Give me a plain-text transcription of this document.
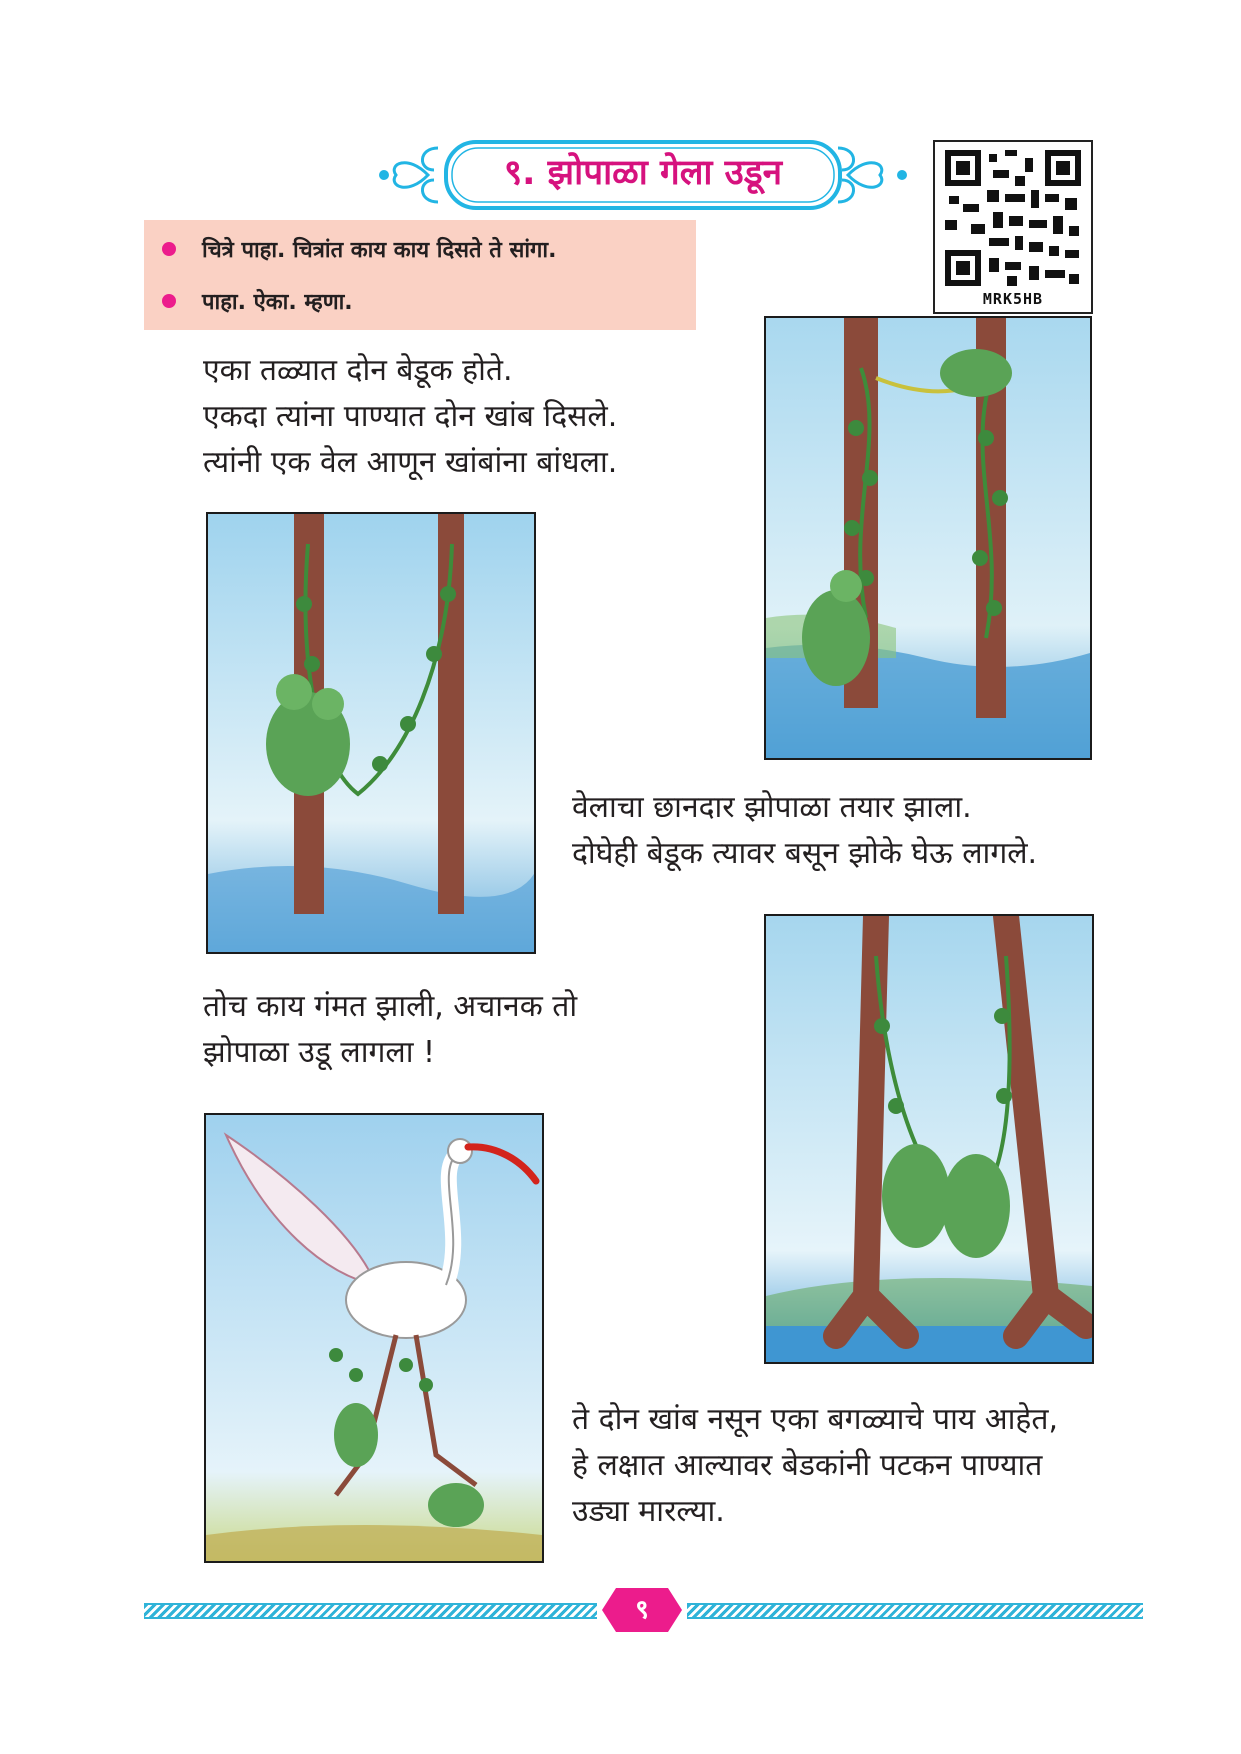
९. झोपाळा गेला उडून
MRK5HB
चित्रे पाहा. चित्रांत काय काय दिसते ते सांगा.
पाहा. ऐका. म्हणा.
एका तळ्यात दोन बेडूक होते.
एकदा त्यांना पाण्यात दोन खांब दिसले.
त्यांनी एक वेल आणून खांबांना बांधला.
वेलाचा छानदार झोपाळा तयार झाला.
दोघेही बेडूक त्यावर बसून झोके घेऊ लागले.
तोच काय गंमत झाली, अचानक तो
झोपाळा उडू लागला !
ते दोन खांब नसून एका बगळ्याचे पाय आहेत,
हे लक्षात आल्यावर बेडकांनी पटकन पाण्यात
उड्या मारल्या.
९
